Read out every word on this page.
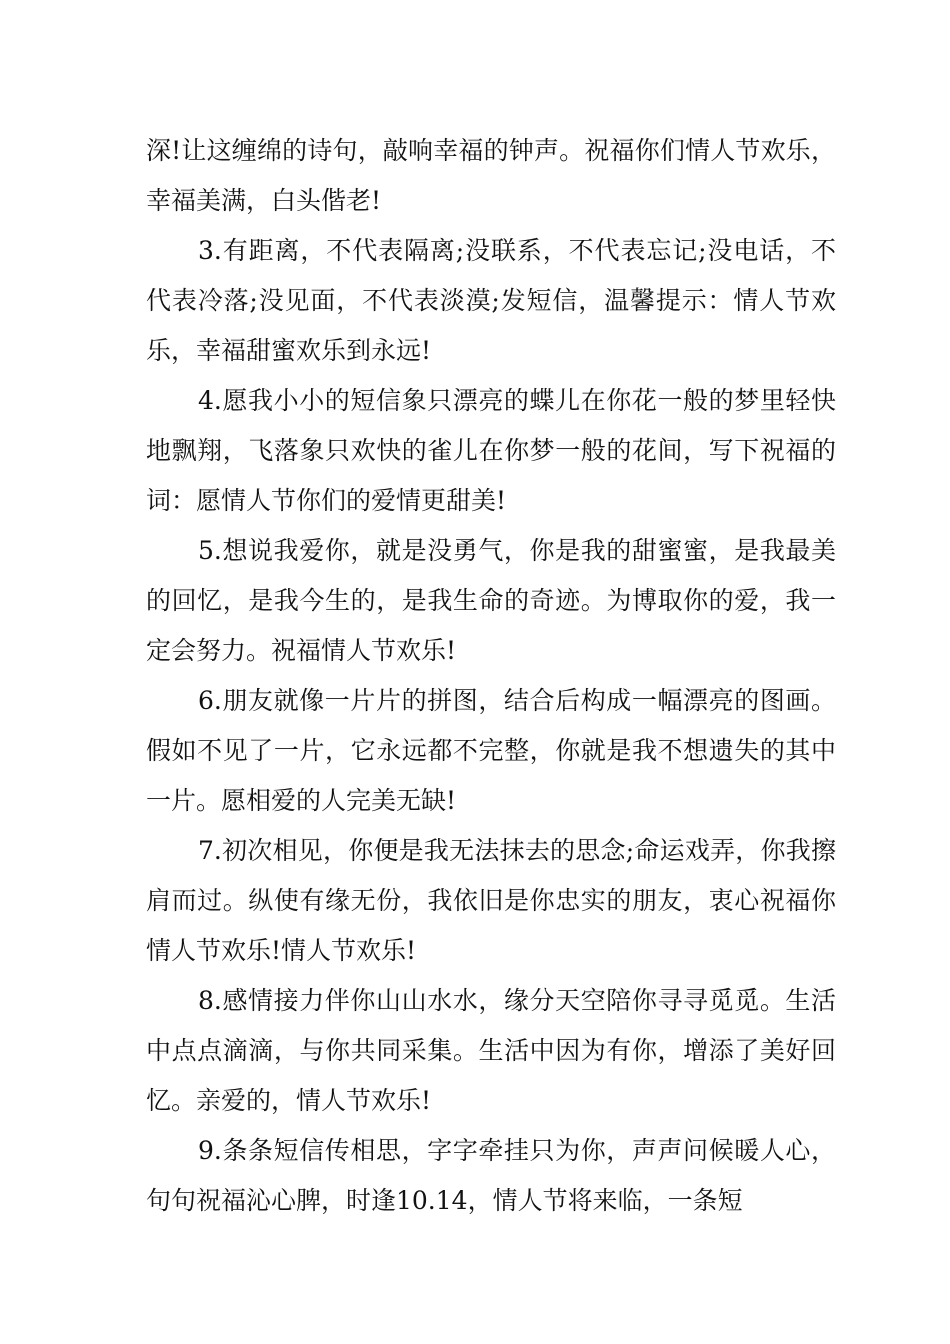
深!让这缠绵的诗句，敲响幸福的钟声。祝福你们情人节欢乐，幸福美满，白头偕老!

3.有距离，不代表隔离;没联系，不代表忘记;没电话，不代表冷落;没见面，不代表淡漠;发短信，温馨提示：情人节欢乐，幸福甜蜜欢乐到永远!

4.愿我小小的短信象只漂亮的蝶儿在你花一般的梦里轻快地飘翔，飞落象只欢快的雀儿在你梦一般的花间，写下祝福的词：愿情人节你们的爱情更甜美!

5.想说我爱你，就是没勇气，你是我的甜蜜蜜，是我最美的回忆，是我今生的，是我生命的奇迹。为博取你的爱，我一定会努力。祝福情人节欢乐!

6.朋友就像一片片的拼图，结合后构成一幅漂亮的图画。假如不见了一片，它永远都不完整，你就是我不想遗失的其中一片。愿相爱的人完美无缺!

7.初次相见，你便是我无法抹去的思念;命运戏弄，你我擦肩而过。纵使有缘无份，我依旧是你忠实的朋友，衷心祝福你情人节欢乐!情人节欢乐!

8.感情接力伴你山山水水，缘分天空陪你寻寻觅觅。生活中点点滴滴，与你共同采集。生活中因为有你，增添了美好回忆。亲爱的，情人节欢乐!

9.条条短信传相思，字字牵挂只为你，声声问候暖人心，句句祝福沁心脾，时逢10.14，情人节将来临，一条短
